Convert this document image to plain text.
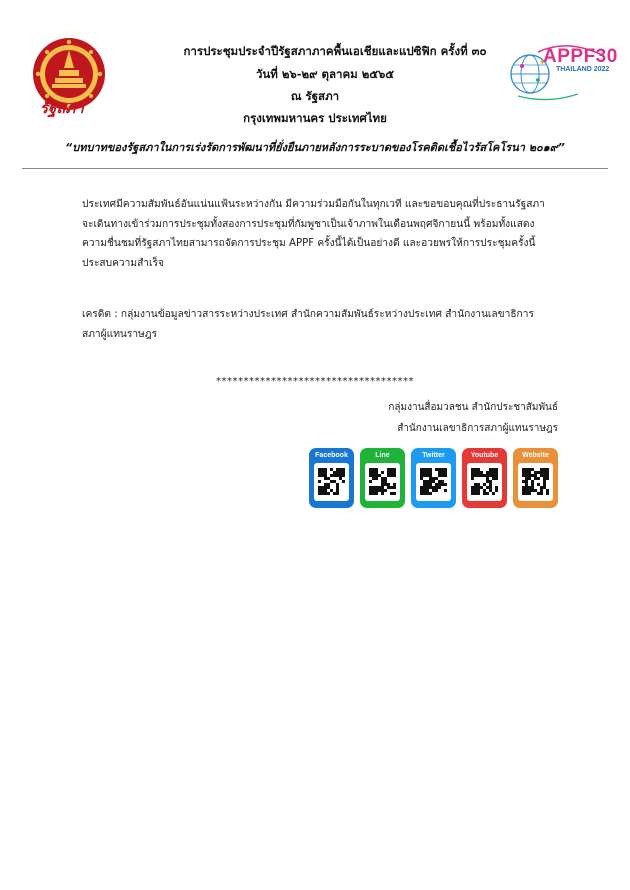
รัฐสภา
APPF30
THAILAND 2022
การประชุมประจำปีรัฐสภาภาคพื้นเอเชียและแปซิฟิก ครั้งที่ ๓๐
วันที่ ๒๖-๒๙ ตุลาคม ๒๕๖๕
ณ รัฐสภา
กรุงเทพมหานคร ประเทศไทย
“บทบาทของรัฐสภาในการเร่งรัดการพัฒนาที่ยั่งยืนภายหลังการระบาดของโรคติดเชื้อไวรัสโคโรนา ๒๐๑๙”
ประเทศมีความสัมพันธ์อันแน่นแฟ้นระหว่างกัน มีความร่วมมือกันในทุกเวที และขอขอบคุณที่ประธานรัฐสภา
จะเดินทางเข้าร่วมการประชุมทั้งสองการประชุมที่กัมพูชาเป็นเจ้าภาพในเดือนพฤศจิกายนนี้ พร้อมทั้งแสดง
ความชื่นชมที่รัฐสภาไทยสามารถจัดการประชุม APPF ครั้งนี้ได้เป็นอย่างดี และอวยพรให้การประชุมครั้งนี้
ประสบความสำเร็จ
เครดิต : กลุ่มงานข้อมูลข่าวสารระหว่างประเทศ สำนักความสัมพันธ์ระหว่างประเทศ สำนักงานเลขาธิการ
สภาผู้แทนราษฎร
************************************
กลุ่มงานสื่อมวลชน สำนักประชาสัมพันธ์
สำนักงานเลขาธิการสภาผู้แทนราษฎร
Facebook	Line	Twitter	Youtube	Website
